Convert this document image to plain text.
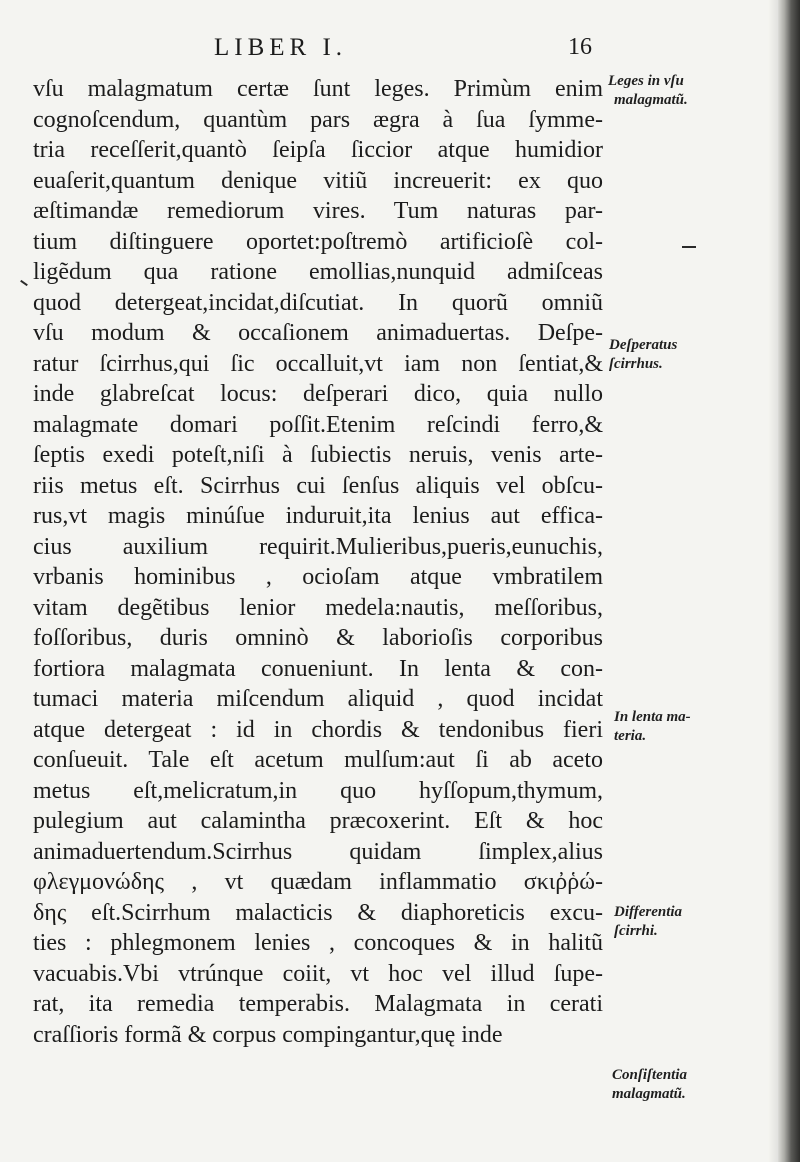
LIBER I.	16
vſu malagmatum certæ ſunt leges. Primùm enim
cognoſcendum, quantùm pars ægra à ſua ſymme-
tria receſſerit,quantò ſeipſa ſiccior atque humidior
euaſerit,quantum denique vitiũ increuerit: ex quo
æſtimandæ remediorum vires. Tum naturas par-
tium diſtinguere oportet:poſtremò artificioſè col-
ligẽdum qua ratione emollias,nunquid admiſceas
quod detergeat,incidat,diſcutiat. In quorũ omniũ
vſu modum & occaſionem animaduertas. Deſpe-
ratur ſcirrhus,qui ſic occalluit,vt iam non ſentiat,&
inde glabreſcat locus: deſperari dico, quia nullo
malagmate domari poſſit.Etenim reſcindi ferro,&
ſeptis exedi poteſt,niſi à ſubiectis neruis, venis arte-
riis metus eſt. Scirrhus cui ſenſus aliquis vel obſcu-
rus,vt magis minúſue induruit,ita lenius aut effica-
cius auxilium requirit.Mulieribus,pueris,eunuchis,
vrbanis hominibus , ocioſam atque vmbratilem
vitam degẽtibus lenior medela:nautis, meſſoribus,
foſſoribus, duris omninò & laborioſis corporibus
fortiora malagmata conueniunt. In lenta & con-
tumaci materia miſcendum aliquid , quod incidat
atque detergeat : id in chordis & tendonibus fieri
conſueuit. Tale eſt acetum mulſum:aut ſi ab aceto
metus eſt,melicratum,in quo hyſſopum,thymum,
pulegium aut calamintha præcoxerint. Eſt & hoc
animaduertendum.Scirrhus quidam ſimplex,alius
φλεγμονώδης , vt quædam inflammatio σκιῤῥώ-
δης eſt.Scirrhum malacticis & diaphoreticis excu-
ties : phlegmonem lenies , concoques & in halitũ
vacuabis.Vbi vtrúnque coiit, vt hoc vel illud ſupe-
rat, ita remedia temperabis. Malagmata in cerati
craſſioris formã & corpus compingantur,quę inde
Leges in vſu
malagmatũ.
Deſperatus
ſcirrhus.
In lenta ma-
teria.
Differentia
ſcirrhi.
Conſiſtentia
malagmatũ.
